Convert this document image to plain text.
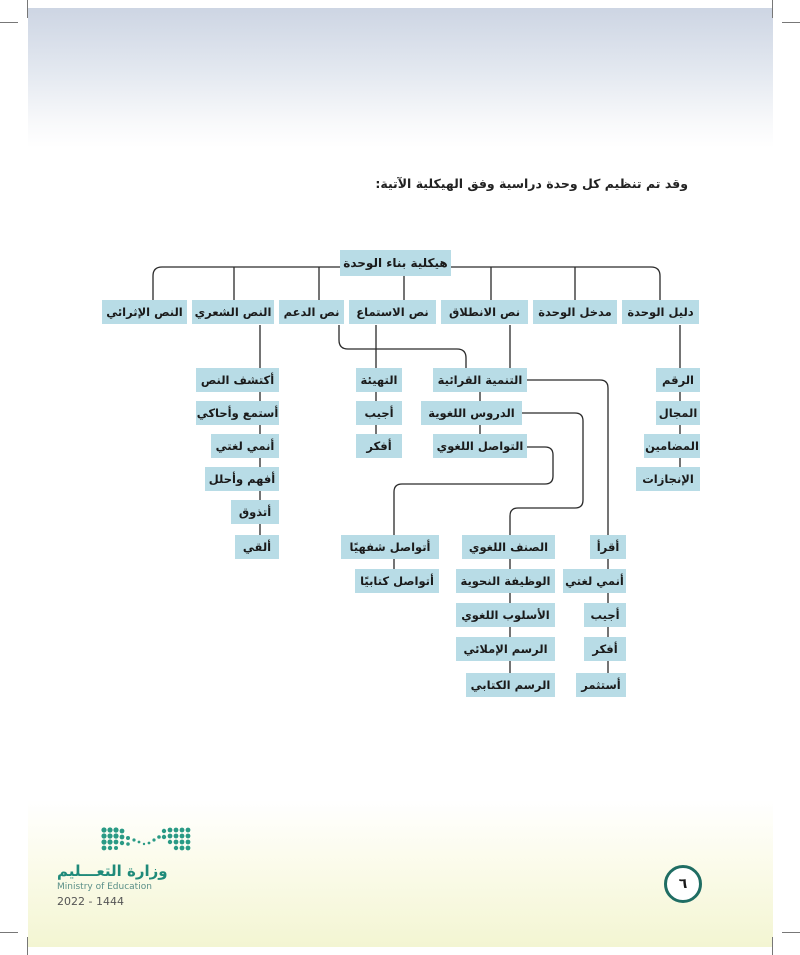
وقد تم تنظيم كل وحدة دراسية وفق الهيكلية الآتية:
هيكلية بناء الوحدة
دليل الوحدة
مدخل الوحدة
نص الانطلاق
نص الاستماع
نص الدعم
النص الشعري
النص الإثرائي
الرقم
المجال
المضامين
الإنجازات
التهيئة
أجيب
أفكر
أكتشف النص
أستمع وأحاكي
أنمي لغتي
أفهم وأحلل
أتذوق
ألقي
التنمية القرائية
الدروس اللغوية
التواصل اللغوي
أقرأ
أنمي لغتي
أجيب
أفكر
أستثمر
الصنف اللغوي
الوظيفة النحوية
الأسلوب اللغوي
الرسم الإملائي
الرسم الكتابي
أتواصل شفهيًا
أتواصل كتابيًا
٦
وزارة التعـــليم
Ministry of Education
2022 - 1444
